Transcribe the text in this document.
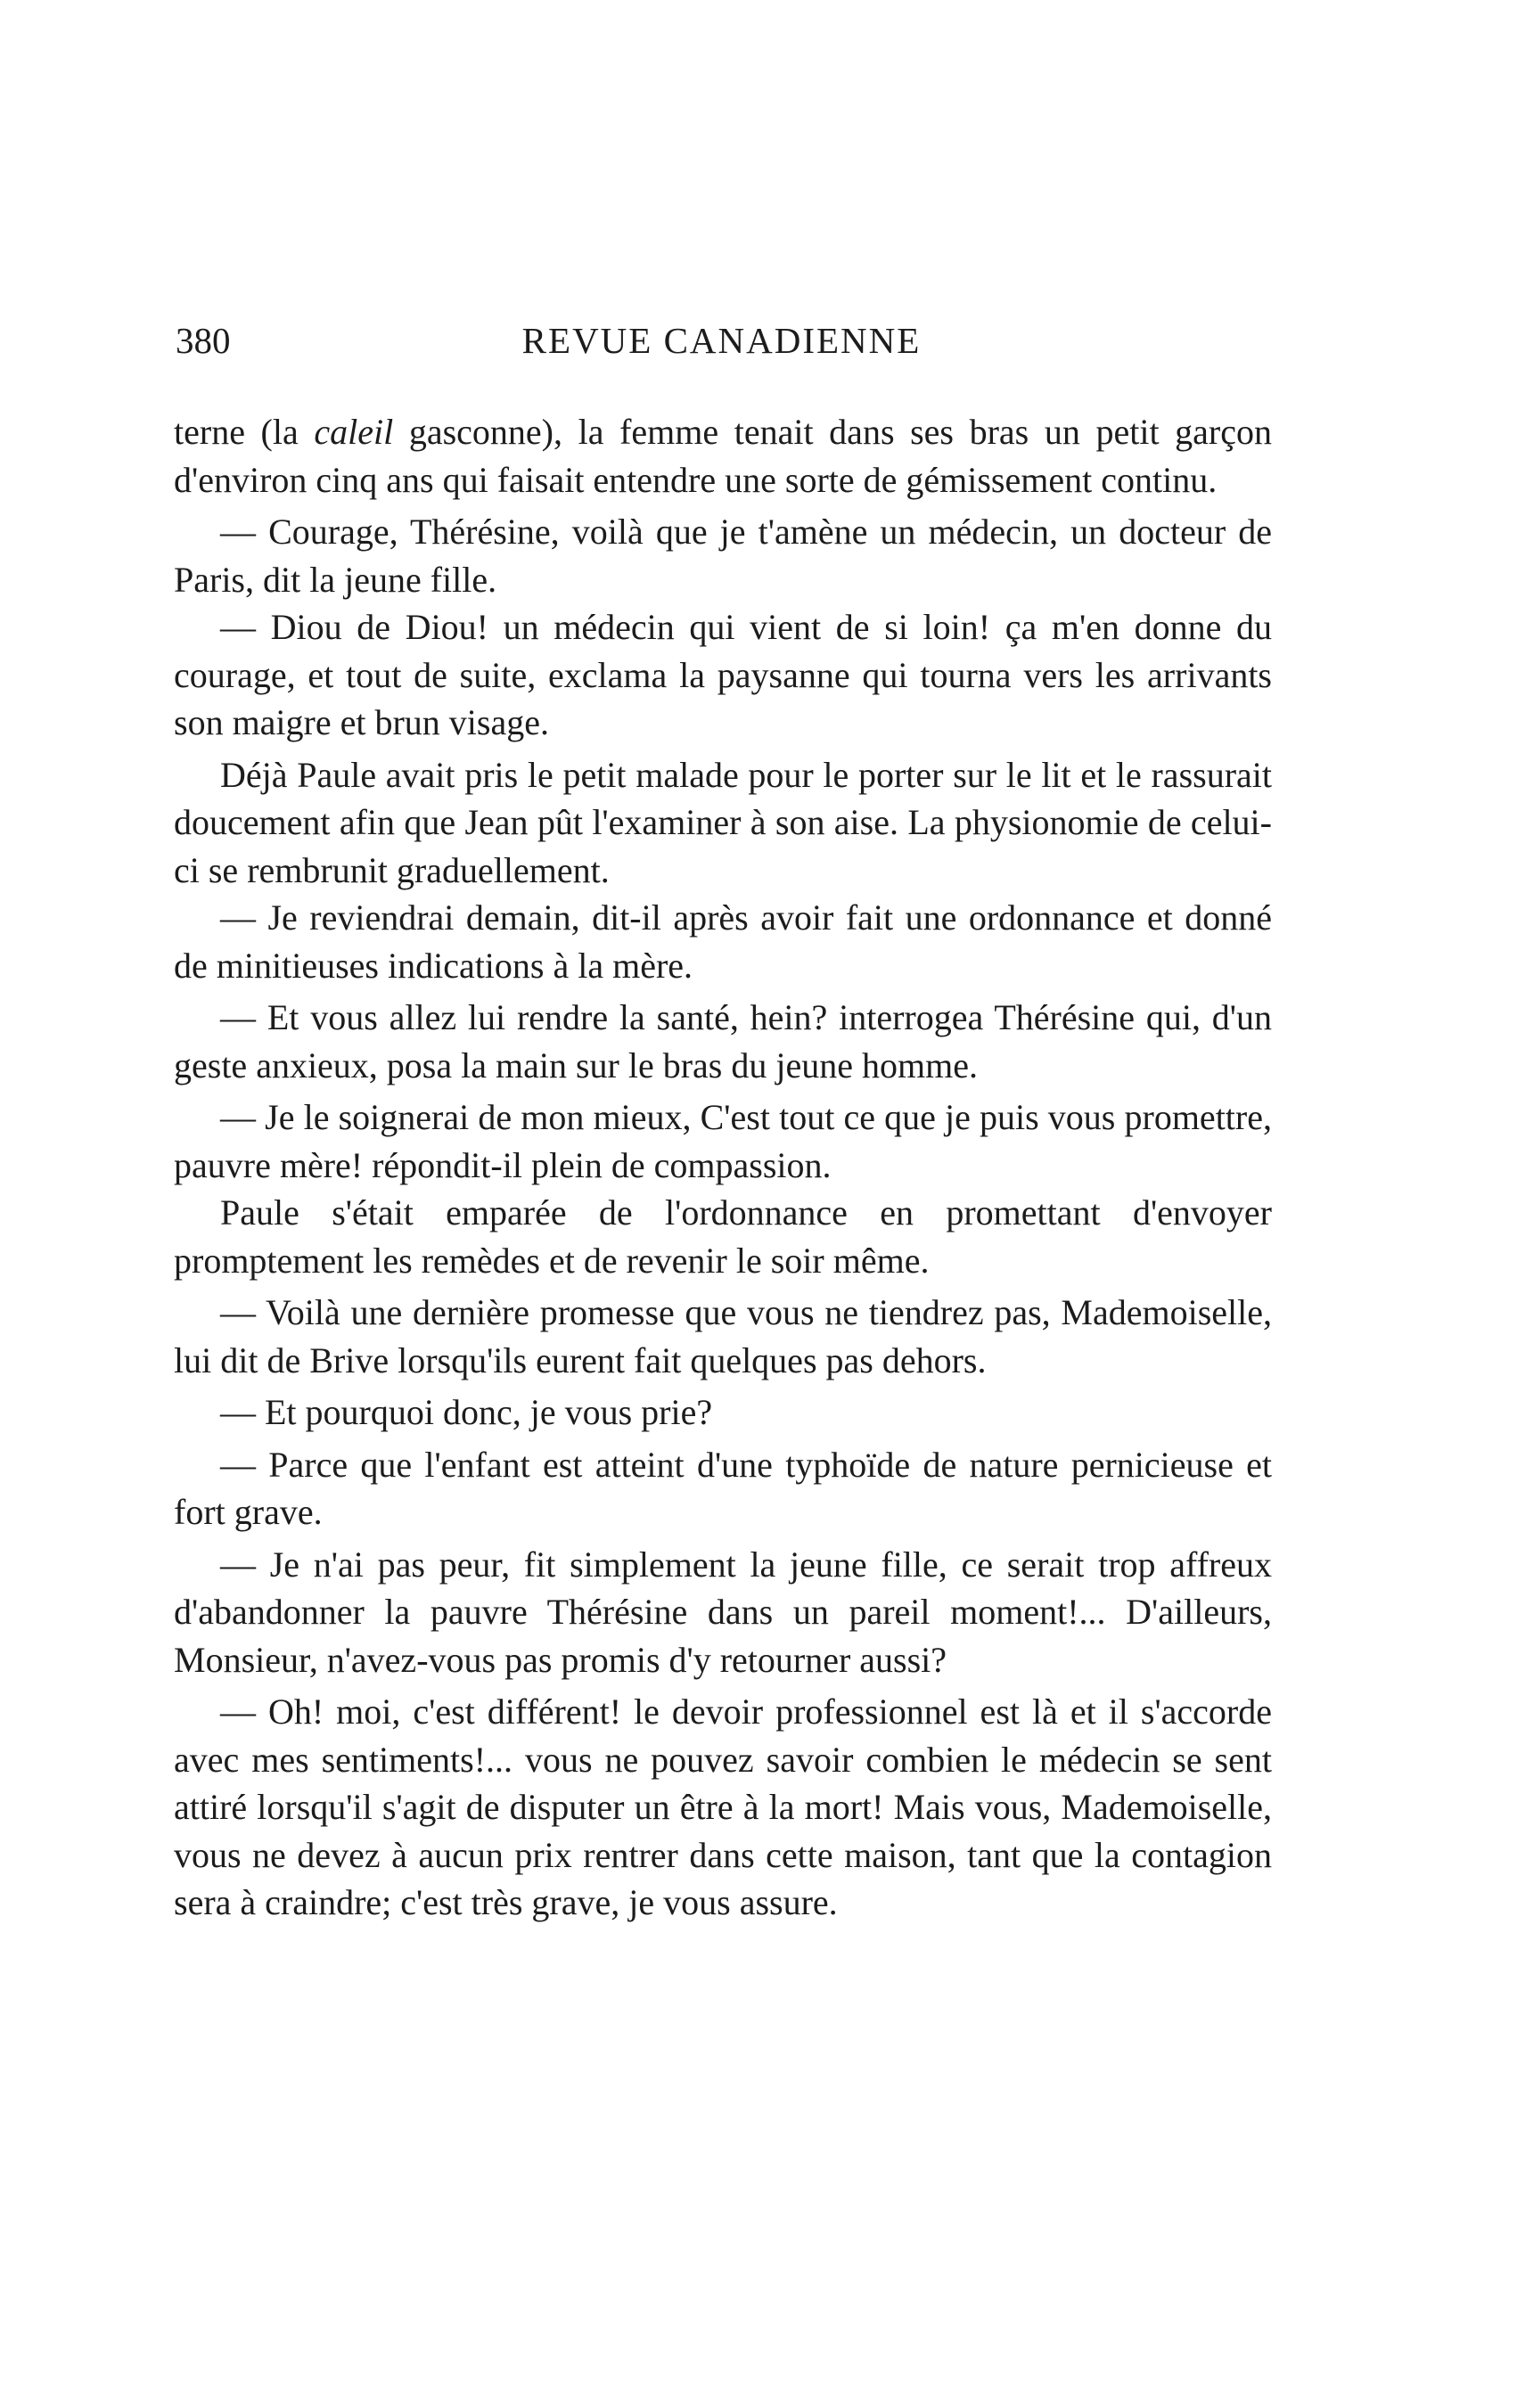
380	REVUE CANADIENNE

terne (la caleil gasconne), la femme tenait dans ses bras un petit garçon d'environ cinq ans qui faisait entendre une sorte de gémissement continu.

— Courage, Thérésine, voilà que je t'amène un médecin, un docteur de Paris, dit la jeune fille.

— Diou de Diou! un médecin qui vient de si loin! ça m'en donne du courage, et tout de suite, exclama la paysanne qui tourna vers les arrivants son maigre et brun visage.

Déjà Paule avait pris le petit malade pour le porter sur le lit et le rassurait doucement afin que Jean pût l'examiner à son aise. La physionomie de celui-ci se rembrunit graduellement.

— Je reviendrai demain, dit-il après avoir fait une ordonnance et donné de minitieuses indications à la mère.

— Et vous allez lui rendre la santé, hein? interrogea Thérésine qui, d'un geste anxieux, posa la main sur le bras du jeune homme.

— Je le soignerai de mon mieux, C'est tout ce que je puis vous promettre, pauvre mère! répondit-il plein de compassion.

Paule s'était emparée de l'ordonnance en promettant d'envoyer promptement les remèdes et de revenir le soir même.

— Voilà une dernière promesse que vous ne tiendrez pas, Mademoiselle, lui dit de Brive lorsqu'ils eurent fait quelques pas dehors.

— Et pourquoi donc, je vous prie?

— Parce que l'enfant est atteint d'une typhoïde de nature pernicieuse et fort grave.

— Je n'ai pas peur, fit simplement la jeune fille, ce serait trop affreux d'abandonner la pauvre Thérésine dans un pareil moment!... D'ailleurs, Monsieur, n'avez-vous pas promis d'y retourner aussi?

— Oh! moi, c'est différent! le devoir professionnel est là et il s'accorde avec mes sentiments!... vous ne pouvez savoir combien le médecin se sent attiré lorsqu'il s'agit de disputer un être à la mort! Mais vous, Mademoiselle, vous ne devez à aucun prix rentrer dans cette maison, tant que la contagion sera à craindre; c'est très grave, je vous assure.
